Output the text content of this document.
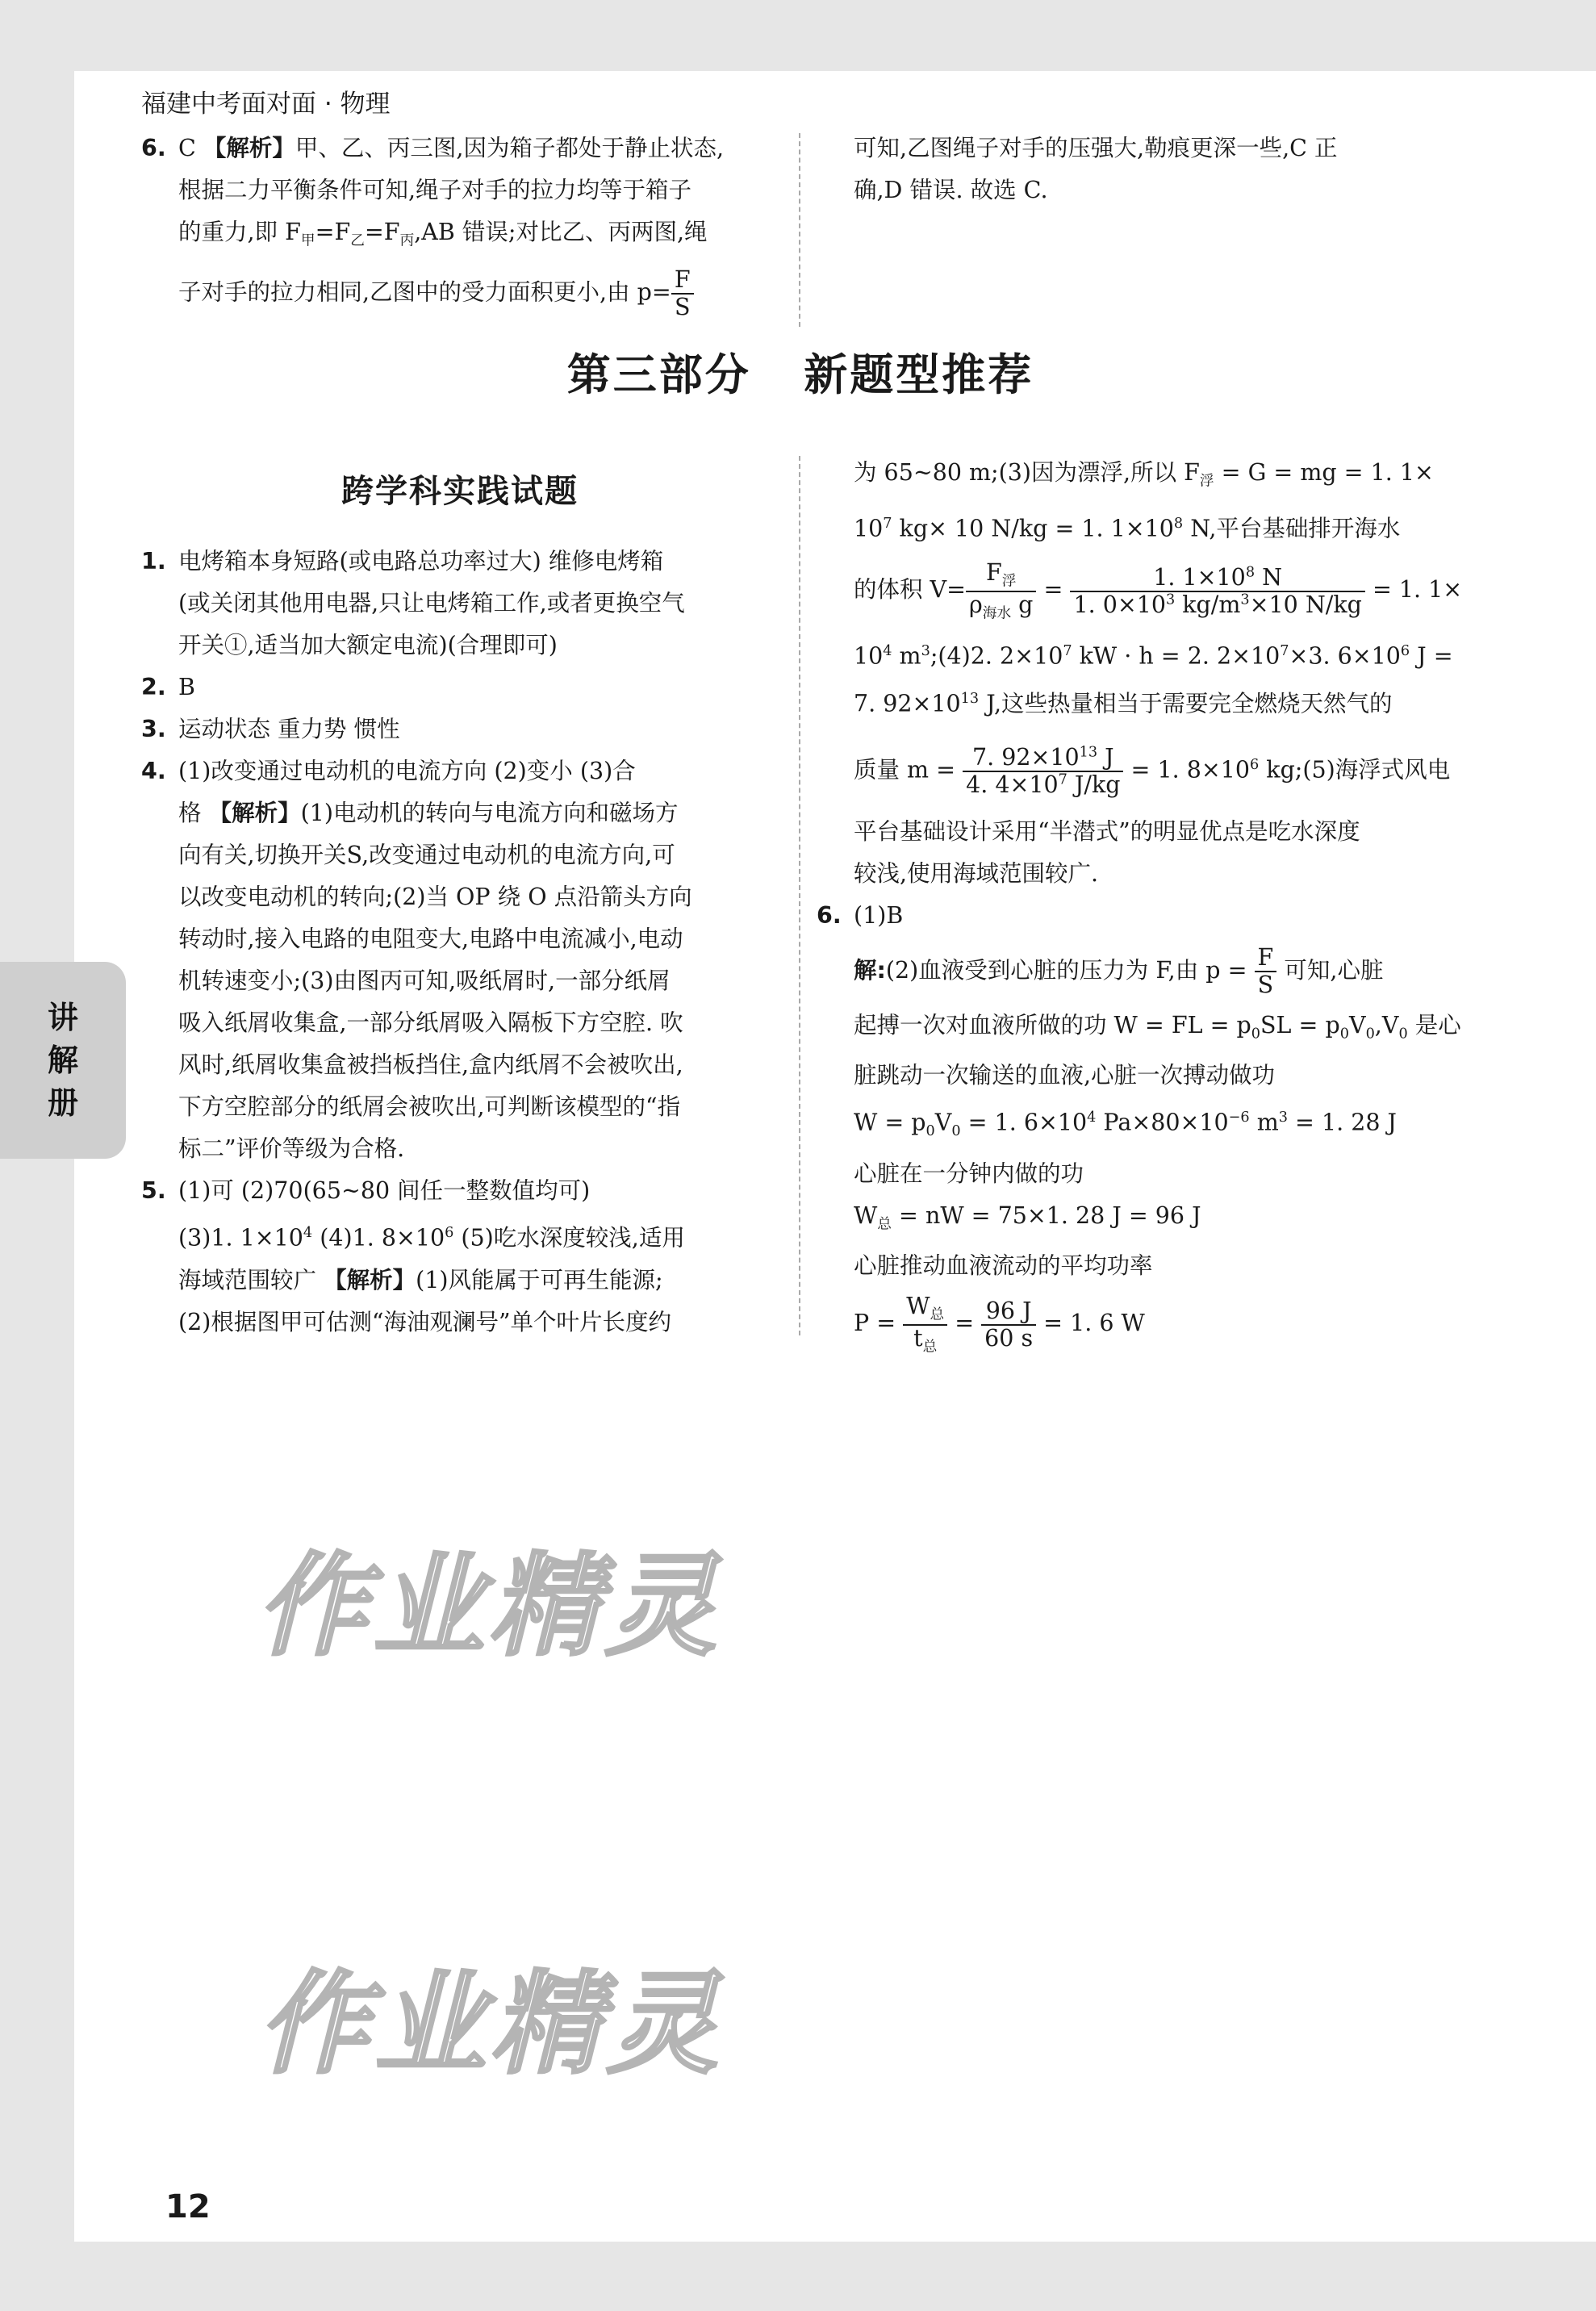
福建中考面对面 · 物理
讲
解
册
作业精灵
作业精灵

6. C 【解析】甲、乙、丙三图,因为箱子都处于静止状态,

根据二力平衡条件可知,绳子对手的拉力均等于箱子

的重力,即 $F_甲=F_乙=F_丙,AB$ 错误;对比乙、丙两图,绳

子对手的拉力相同,乙图中的受力面积更小,由 $p= \frac{F}{S}$

可知,乙图绳子对手的压强大,勒痕更深一些,C 正

确,D 错误. 故选 C.

第三部分   新题型推荐
跨学科实践试题

1. 电烤箱本身短路(或电路总功率过大) 维修电烤箱

(或关闭其他用电器,只让电烤箱工作,或者更换空气

开关①,适当加大额定电流)(合理即可)

2. B

3. 运动状态 重力势 惯性

4. (1)改变通过电动机的电流方向 (2)变小 (3)合

格 【解析】(1)电动机的转向与电流方向和磁场方

向有关,切换开关S,改变通过电动机的电流方向,可

以改变电动机的转向;(2)当 OP 绕 O 点沿箭头方向

转动时,接入电路的电阻变大,电路中电流减小,电动

机转速变小;(3)由图丙可知,吸纸屑时,一部分纸屑

吸入纸屑收集盒,一部分纸屑吸入隔板下方空腔. 吹

风时,纸屑收集盒被挡板挡住,盒内纸屑不会被吹出,

下方空腔部分的纸屑会被吹出,可判断该模型的“指

标二”评价等级为合格.

5. (1)可 (2)70(65~80 间任一整数值均可)

(3)1. $1\times 10^4$ (4)1. $8\times 10^6$ (5)吃水深度较浅,适用

海域范围较广 【解析】(1)风能属于可再生能源;

(2)根据图甲可估测“海油观澜号”单个叶片长度约

为 65~80 m;(3)因为漂浮,所以 $F_浮 = G$ = mg = 1. 1×

$10^7$ kg× 10 N/kg = 1. $1\times 10^8$ N,平台基础排开海水

的体积 $V= \frac{F_浮}{\rho_{海水} g} = \frac{1. 1\times 10^8 N}{1. 0\times 10^3 kg/m^3\times 10 N/kg} = 1$. 1×

$10^4$ $m^3;(4)2$. $2\times 10^7$ kW · h = 2. $2\times 10^7\times 3$. $6\times 10^6$ J =

7. $92\times 10^{13}$ J,这些热量相当于需要完全燃烧天然气的

质量 $m = \frac{7. 92\times 10^{13} J}{4. 4\times 10^7 J/kg} = 1$. $8\times 10^6$ kg;(5)海浮式风电

平台基础设计采用“半潜式”的明显优点是吃水深度

较浅,使用海域范围较广.

6. (1)B

解:(2)血液受到心脏的压力为 F,由 $p = \frac{F}{S}$ 可知,心脏

起搏一次对血液所做的功 W = FL = $p_0SL = p_0V_0,V_0$ 是心

脏跳动一次输送的血液,心脏一次搏动做功

$W = p_0V_0 = 1$. $6\times 10^4$ $Pa\times 80\times 10^{-6}$ $m^3 = 1$. 28 J

心脏在一分钟内做的功

$W_总$ = nW = 75×1. 28 J = 96 J

心脏推动血液流动的平均功率

$P = \frac{W_总}{t_总} = \frac{96 J}{60 s} = 1$. 6 W

12
